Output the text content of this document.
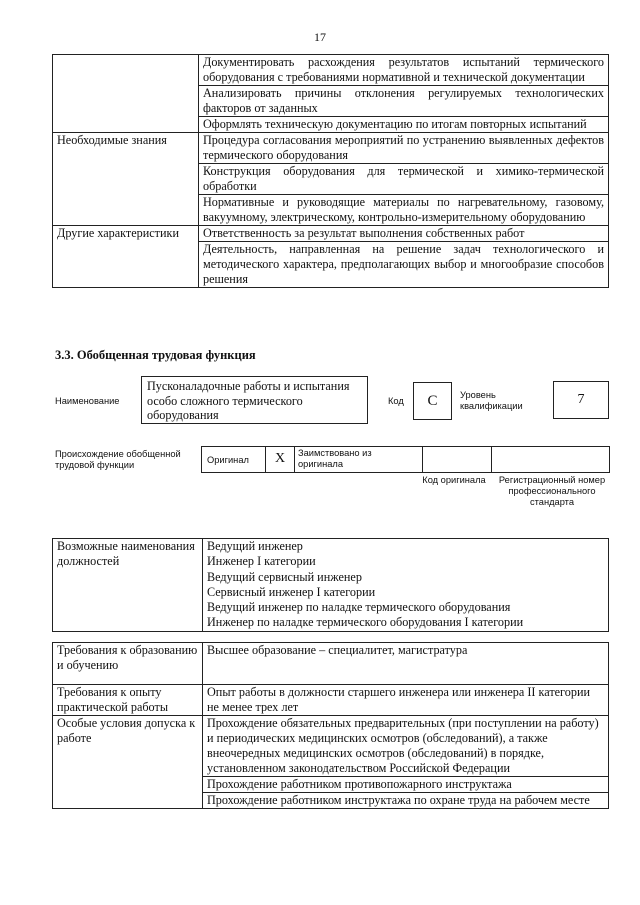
17
	Документировать расхождения результатов испытаний термического оборудования с требованиями нормативной и технической документации
	Анализировать причины отклонения регулируемых технологических факторов от заданных
	Оформлять техническую документацию по итогам повторных испытаний
Необходимые знания	Процедура согласования мероприятий по устранению выявленных дефектов термического оборудования
	Конструкция оборудования для термической и химико-термической обработки
	Нормативные и руководящие материалы по нагревательному, газовому, вакуумному, электрическому, контрольно-измерительному оборудованию
Другие характеристики	Ответственность за результат выполнения собственных работ
	Деятельность, направленная на решение задач технологического и методического характера, предполагающих выбор и многообразие способов решения
3.3. Обобщенная трудовая функция
Наименование
Пусконаладочные работы и испытания особо сложного термического оборудования
Код	C	Уровень квалификации	7
Происхождение обобщенной трудовой функции	Оригинал	X	Заимствовано из оригинала
Код оригинала	Регистрационный номер профессионального стандарта
Возможные наименования должностей	Ведущий инженер
Инженер I категории
Ведущий сервисный инженер
Сервисный инженер I категории
Ведущий инженер по наладке термического оборудования
Инженер по наладке термического оборудования I категории
Требования к образованию и обучению	Высшее образование – специалитет, магистратура
Требования к опыту практической работы	Опыт работы в должности старшего инженера или инженера II категории не менее трех лет
Особые условия допуска к работе	Прохождение обязательных предварительных (при поступлении на работу) и периодических медицинских осмотров (обследований), а также внеочередных медицинских осмотров (обследований) в порядке, установленном законодательством Российской Федерации
	Прохождение работником противопожарного инструктажа
	Прохождение работником инструктажа по охране труда на рабочем месте
